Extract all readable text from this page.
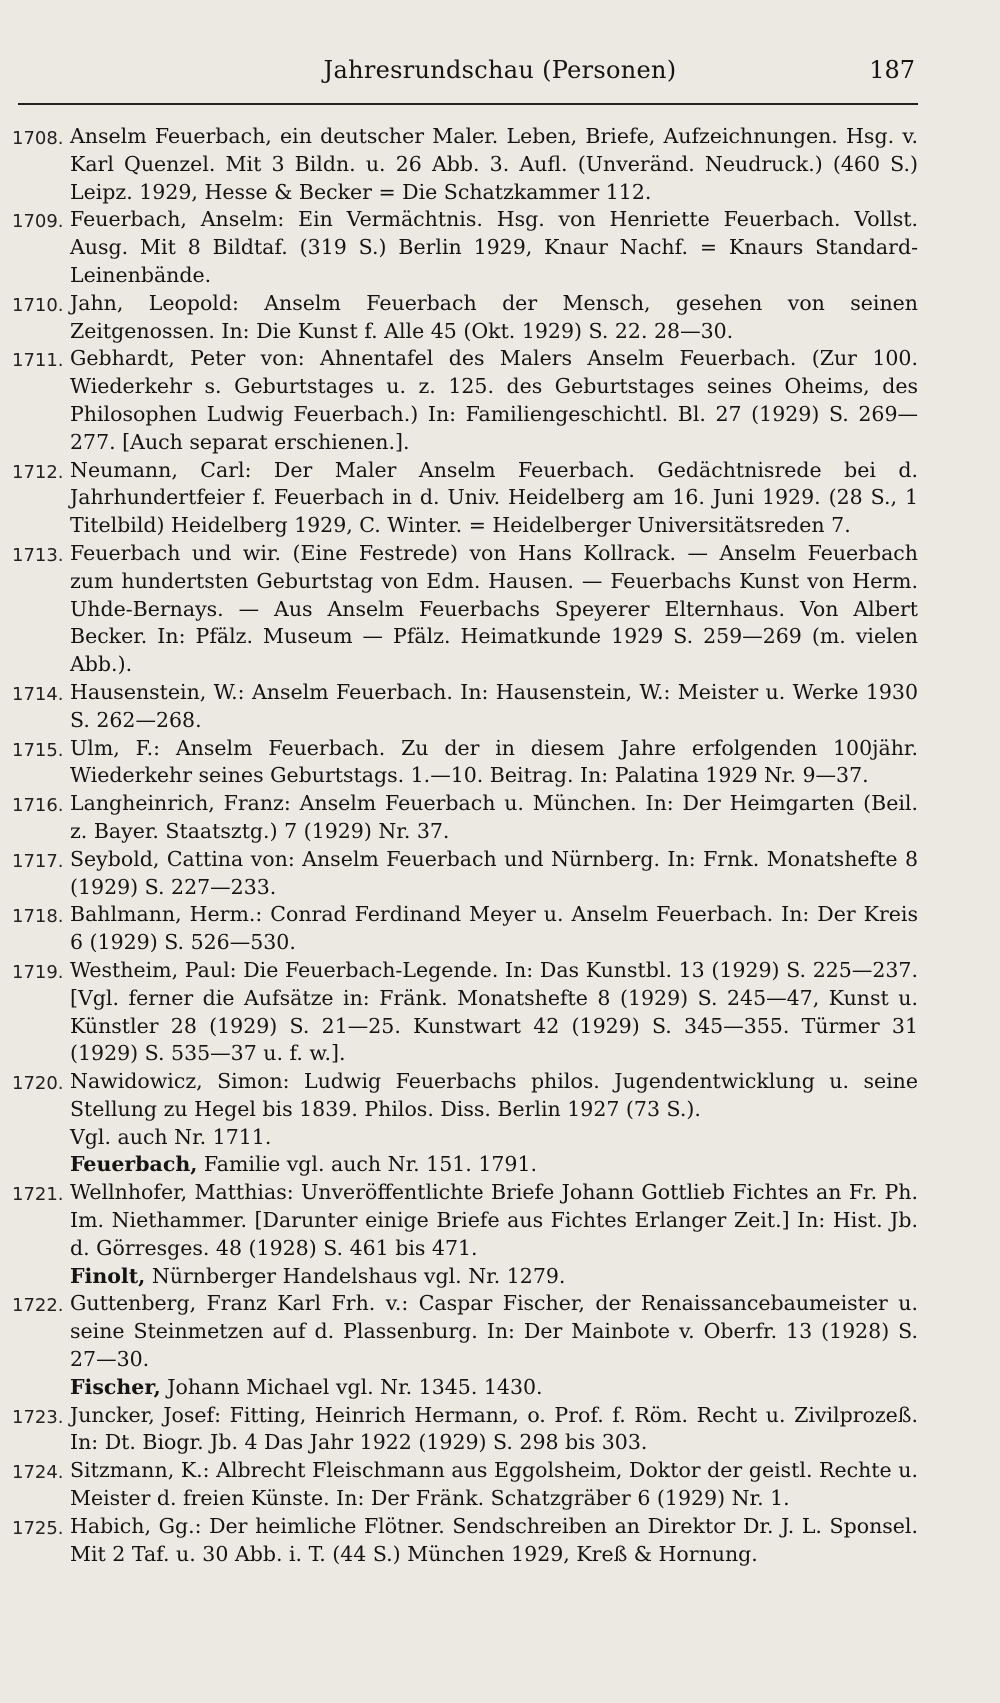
Jahresrundschau (Personen)	187
1708. Anselm Feuerbach, ein deutscher Maler. Leben, Briefe, Aufzeichnungen. Hsg. v. Karl Quenzel. Mit 3 Bildn. u. 26 Abb. 3. Aufl. (Unveränd. Neudruck.) (460 S.) Leipz. 1929, Hesse & Becker = Die Schatzkammer 112.
1709. Feuerbach, Anselm: Ein Vermächtnis. Hsg. von Henriette Feuerbach. Vollst. Ausg. Mit 8 Bildtaf. (319 S.) Berlin 1929, Knaur Nachf. = Knaurs Standard-Leinenbände.
1710. Jahn, Leopold: Anselm Feuerbach der Mensch, gesehen von seinen Zeitgenossen. In: Die Kunst f. Alle 45 (Okt. 1929) S. 22. 28—30.
1711. Gebhardt, Peter von: Ahnentafel des Malers Anselm Feuerbach. (Zur 100. Wiederkehr s. Geburtstages u. z. 125. des Geburtstages seines Oheims, des Philosophen Ludwig Feuerbach.) In: Familiengeschichtl. Bl. 27 (1929) S. 269—277. [Auch separat erschienen.].
1712. Neumann, Carl: Der Maler Anselm Feuerbach. Gedächtnisrede bei d. Jahrhundertfeier f. Feuerbach in d. Univ. Heidelberg am 16. Juni 1929. (28 S., 1 Titelbild) Heidelberg 1929, C. Winter. = Heidelberger Universitätsreden 7.
1713. Feuerbach und wir. (Eine Festrede) von Hans Kollrack. — Anselm Feuerbach zum hundertsten Geburtstag von Edm. Hausen. — Feuerbachs Kunst von Herm. Uhde-Bernays. — Aus Anselm Feuerbachs Speyerer Elternhaus. Von Albert Becker. In: Pfälz. Museum — Pfälz. Heimatkunde 1929 S. 259—269 (m. vielen Abb.).
1714. Hausenstein, W.: Anselm Feuerbach. In: Hausenstein, W.: Meister u. Werke 1930 S. 262—268.
1715. Ulm, F.: Anselm Feuerbach. Zu der in diesem Jahre erfolgenden 100jähr. Wiederkehr seines Geburtstags. 1.—10. Beitrag. In: Palatina 1929 Nr. 9—37.
1716. Langheinrich, Franz: Anselm Feuerbach u. München. In: Der Heimgarten (Beil. z. Bayer. Staatsztg.) 7 (1929) Nr. 37.
1717. Seybold, Cattina von: Anselm Feuerbach und Nürnberg. In: Frnk. Monatshefte 8 (1929) S. 227—233.
1718. Bahlmann, Herm.: Conrad Ferdinand Meyer u. Anselm Feuerbach. In: Der Kreis 6 (1929) S. 526—530.
1719. Westheim, Paul: Die Feuerbach-Legende. In: Das Kunstbl. 13 (1929) S. 225—237. [Vgl. ferner die Aufsätze in: Fränk. Monatshefte 8 (1929) S. 245—47, Kunst u. Künstler 28 (1929) S. 21—25. Kunstwart 42 (1929) S. 345—355. Türmer 31 (1929) S. 535—37 u. f. w.].
1720. Nawidowicz, Simon: Ludwig Feuerbachs philos. Jugendentwicklung u. seine Stellung zu Hegel bis 1839. Philos. Diss. Berlin 1927 (73 S.).
Vgl. auch Nr. 1711.
Feuerbach, Familie vgl. auch Nr. 151. 1791.
1721. Wellnhofer, Matthias: Unveröffentlichte Briefe Johann Gottlieb Fichtes an Fr. Ph. Im. Niethammer. [Darunter einige Briefe aus Fichtes Erlanger Zeit.] In: Hist. Jb. d. Görresges. 48 (1928) S. 461 bis 471.
Finolt, Nürnberger Handelshaus vgl. Nr. 1279.
1722. Guttenberg, Franz Karl Frh. v.: Caspar Fischer, der Renaissancebaumeister u. seine Steinmetzen auf d. Plassenburg. In: Der Mainbote v. Oberfr. 13 (1928) S. 27—30.
Fischer, Johann Michael vgl. Nr. 1345. 1430.
1723. Juncker, Josef: Fitting, Heinrich Hermann, o. Prof. f. Röm. Recht u. Zivilprozeß. In: Dt. Biogr. Jb. 4 Das Jahr 1922 (1929) S. 298 bis 303.
1724. Sitzmann, K.: Albrecht Fleischmann aus Eggolsheim, Doktor der geistl. Rechte u. Meister d. freien Künste. In: Der Fränk. Schatzgräber 6 (1929) Nr. 1.
1725. Habich, Gg.: Der heimliche Flötner. Sendschreiben an Direktor Dr. J. L. Sponsel. Mit 2 Taf. u. 30 Abb. i. T. (44 S.) München 1929, Kreß & Hornung.
